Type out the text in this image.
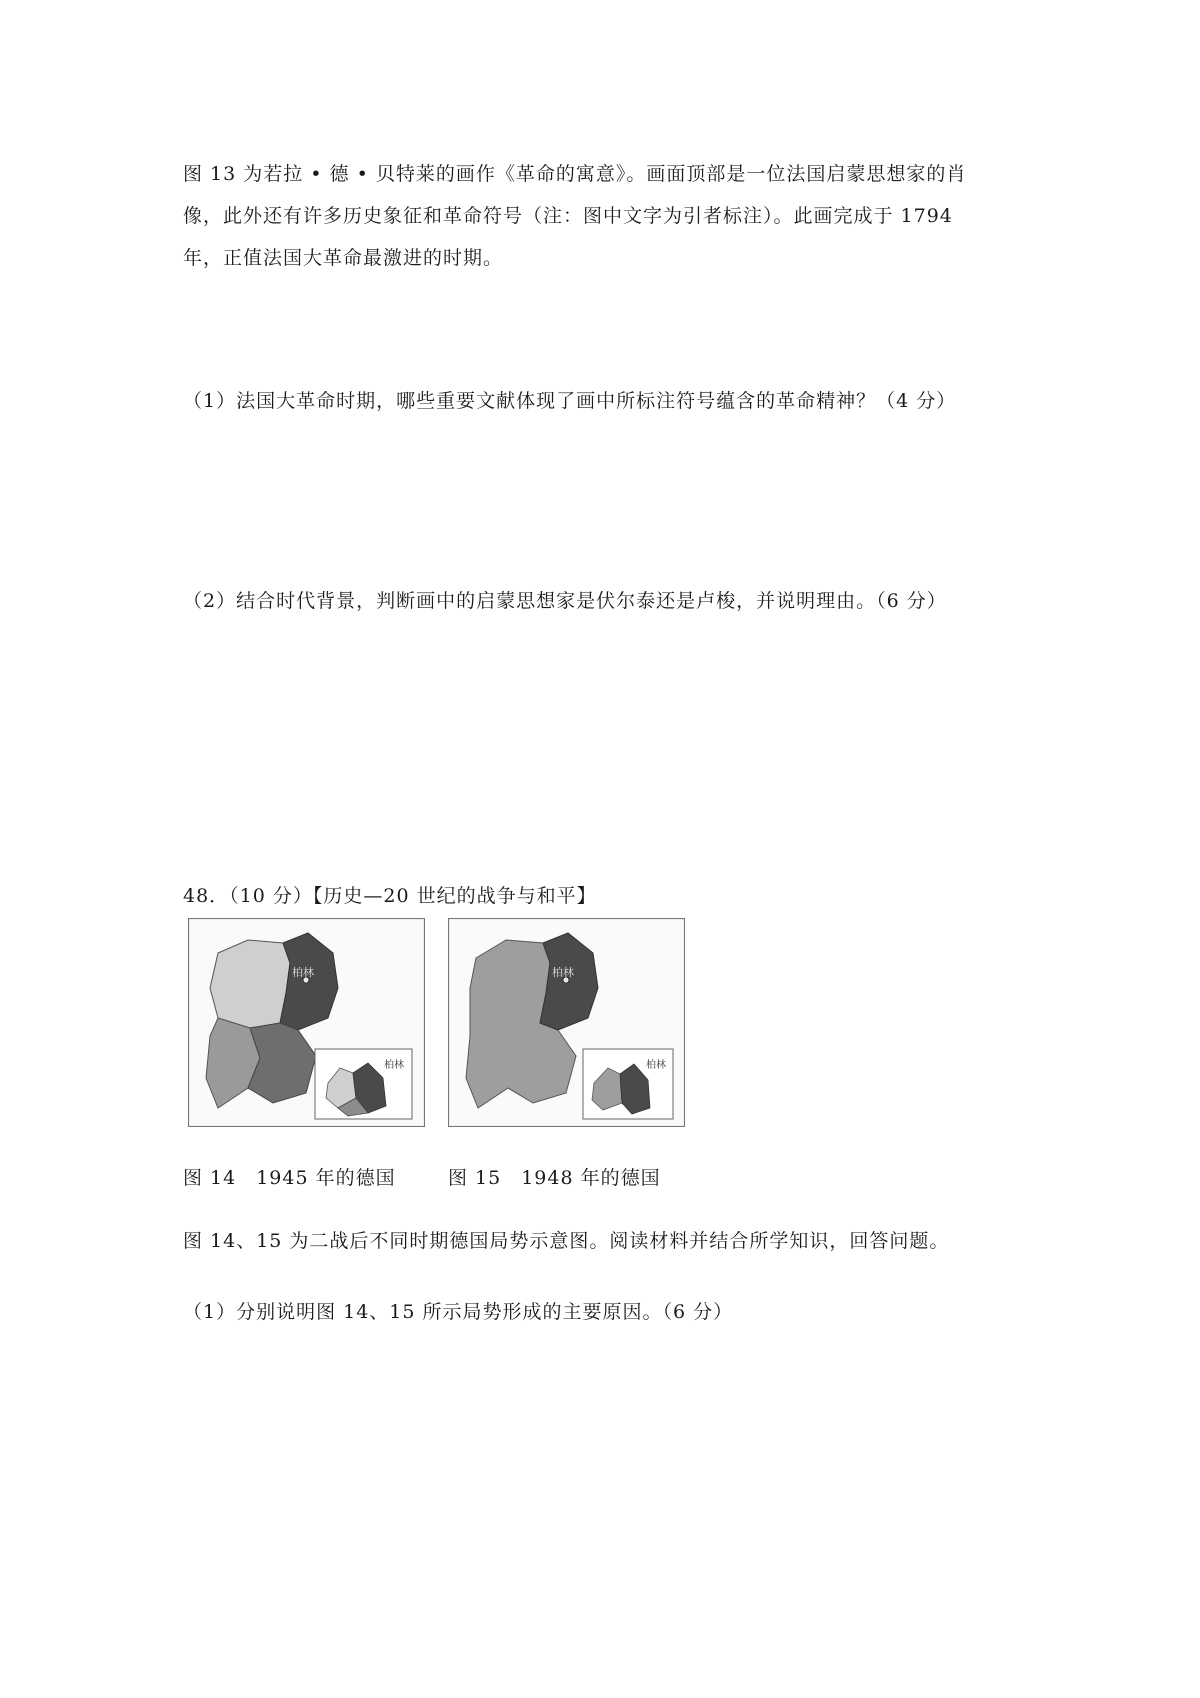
图 13 为若拉 • 德 • 贝特莱的画作《革命的寓意》。画面顶部是一位法国启蒙思想家的肖
像，此外还有许多历史象征和革命符号（注：图中文字为引者标注）。此画完成于 1794
年，正值法国大革命最激进的时期。

（1）法国大革命时期，哪些重要文献体现了画中所标注符号蕴含的革命精神？（4 分）

（2）结合时代背景，判断画中的启蒙思想家是伏尔泰还是卢梭，并说明理由。（6 分）

48．（10 分）【历史—20 世纪的战争与和平】

柏林
柏林
柏林
柏林

图 14　1945 年的德国	图 15　1948 年的德国

图 14、15 为二战后不同时期德国局势示意图。阅读材料并结合所学知识，回答问题。

（1）分别说明图 14、15 所示局势形成的主要原因。（6 分）
